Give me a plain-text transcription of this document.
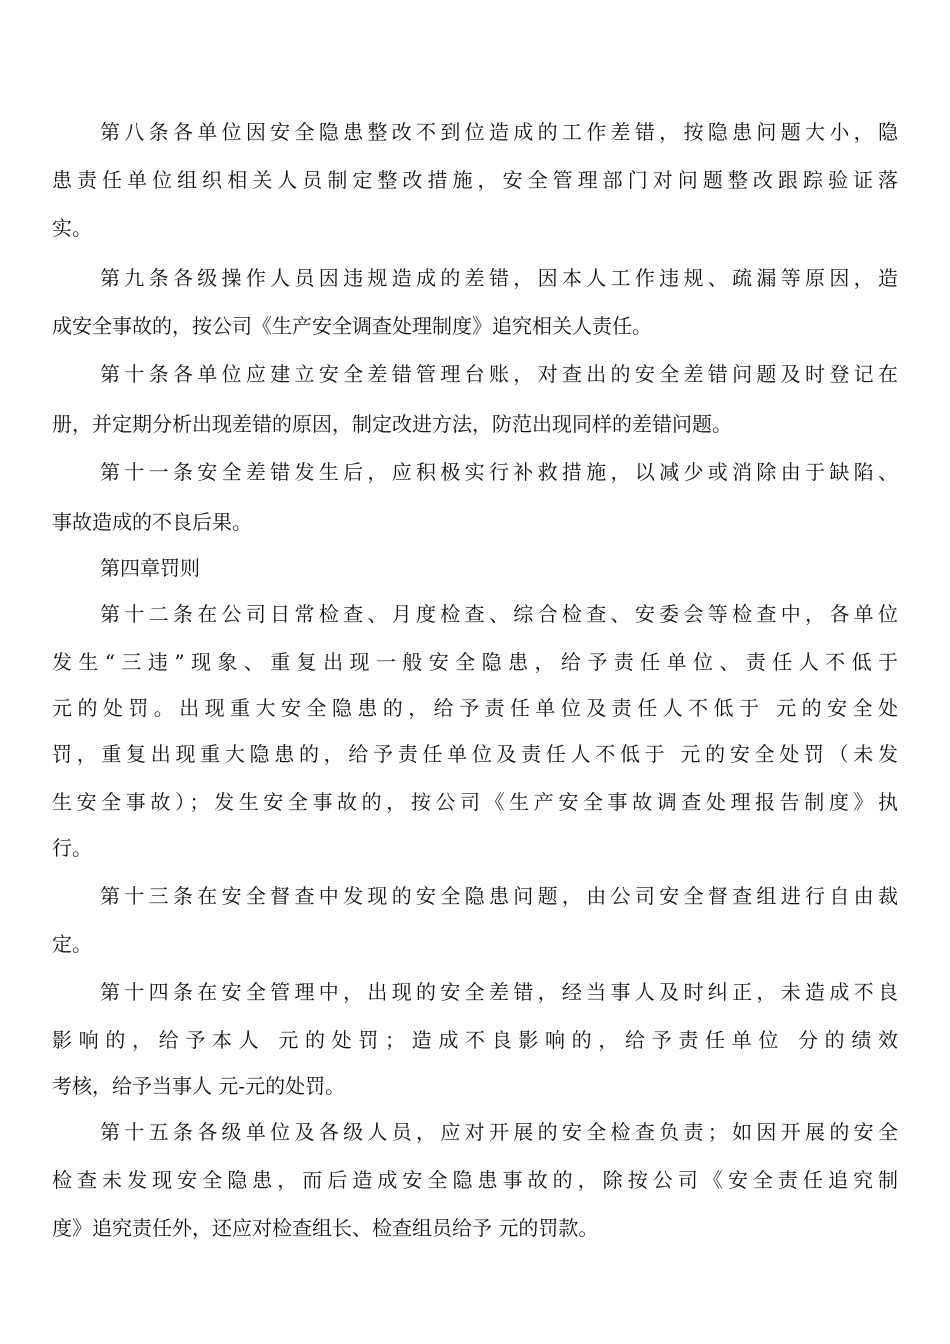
第八条各单位因安全隐患整改不到位造成的工作差错，按隐患问题大小，隐
患责任单位组织相关人员制定整改措施，安全管理部门对问题整改跟踪验证落
实。
第九条各级操作人员因违规造成的差错，因本人工作违规、疏漏等原因，造
成安全事故的，按公司《生产安全调查处理制度》追究相关人责任。
第十条各单位应建立安全差错管理台账，对查出的安全差错问题及时登记在
册，并定期分析出现差错的原因，制定改进方法，防范出现同样的差错问题。
第十一条安全差错发生后，应积极实行补救措施，以减少或消除由于缺陷、
事故造成的不良后果。
第四章罚则
第十二条在公司日常检查、月度检查、综合检查、安委会等检查中，各单位
发生“三违”现象、重复出现一般安全隐患，给予责任单位、责任人不低于
元的处罚。出现重大安全隐患的，给予责任单位及责任人不低于 元的安全处
罚，重复出现重大隐患的，给予责任单位及责任人不低于 元的安全处罚（未发
生安全事故）；发生安全事故的，按公司《生产安全事故调查处理报告制度》执
行。
第十三条在安全督查中发现的安全隐患问题，由公司安全督查组进行自由裁
定。
第十四条在安全管理中，出现的安全差错，经当事人及时纠正，未造成不良
影响的，给予本人 元的处罚；造成不良影响的，给予责任单位 分的绩效
考核，给予当事人 元-元的处罚。
第十五条各级单位及各级人员，应对开展的安全检查负责；如因开展的安全
检查未发现安全隐患，而后造成安全隐患事故的，除按公司《安全责任追究制
度》追究责任外，还应对检查组长、检查组员给予 元的罚款。
